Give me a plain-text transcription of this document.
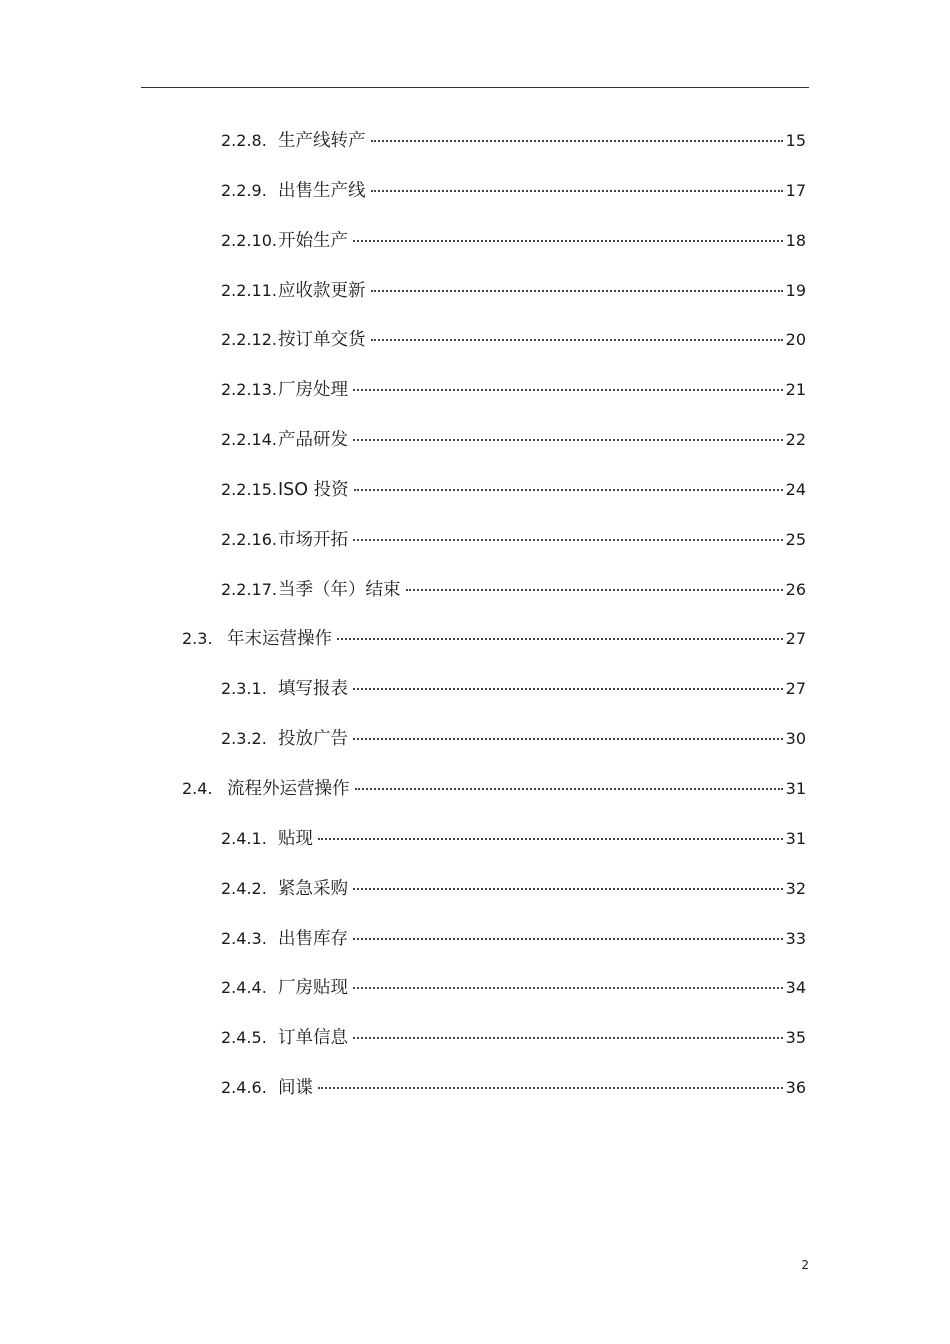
2.2.8. 生产线转产	15
2.2.9. 出售生产线	17
2.2.10. 开始生产	18
2.2.11. 应收款更新	19
2.2.12. 按订单交货	20
2.2.13. 厂房处理	21
2.2.14. 产品研发	22
2.2.15. ISO 投资	24
2.2.16. 市场开拓	25
2.2.17. 当季（年）结束	26
2.3. 年末运营操作	27
2.3.1. 填写报表	27
2.3.2. 投放广告	30
2.4. 流程外运营操作	31
2.4.1. 贴现	31
2.4.2. 紧急采购	32
2.4.3. 出售库存	33
2.4.4. 厂房贴现	34
2.4.5. 订单信息	35
2.4.6. 间谍	36
2
